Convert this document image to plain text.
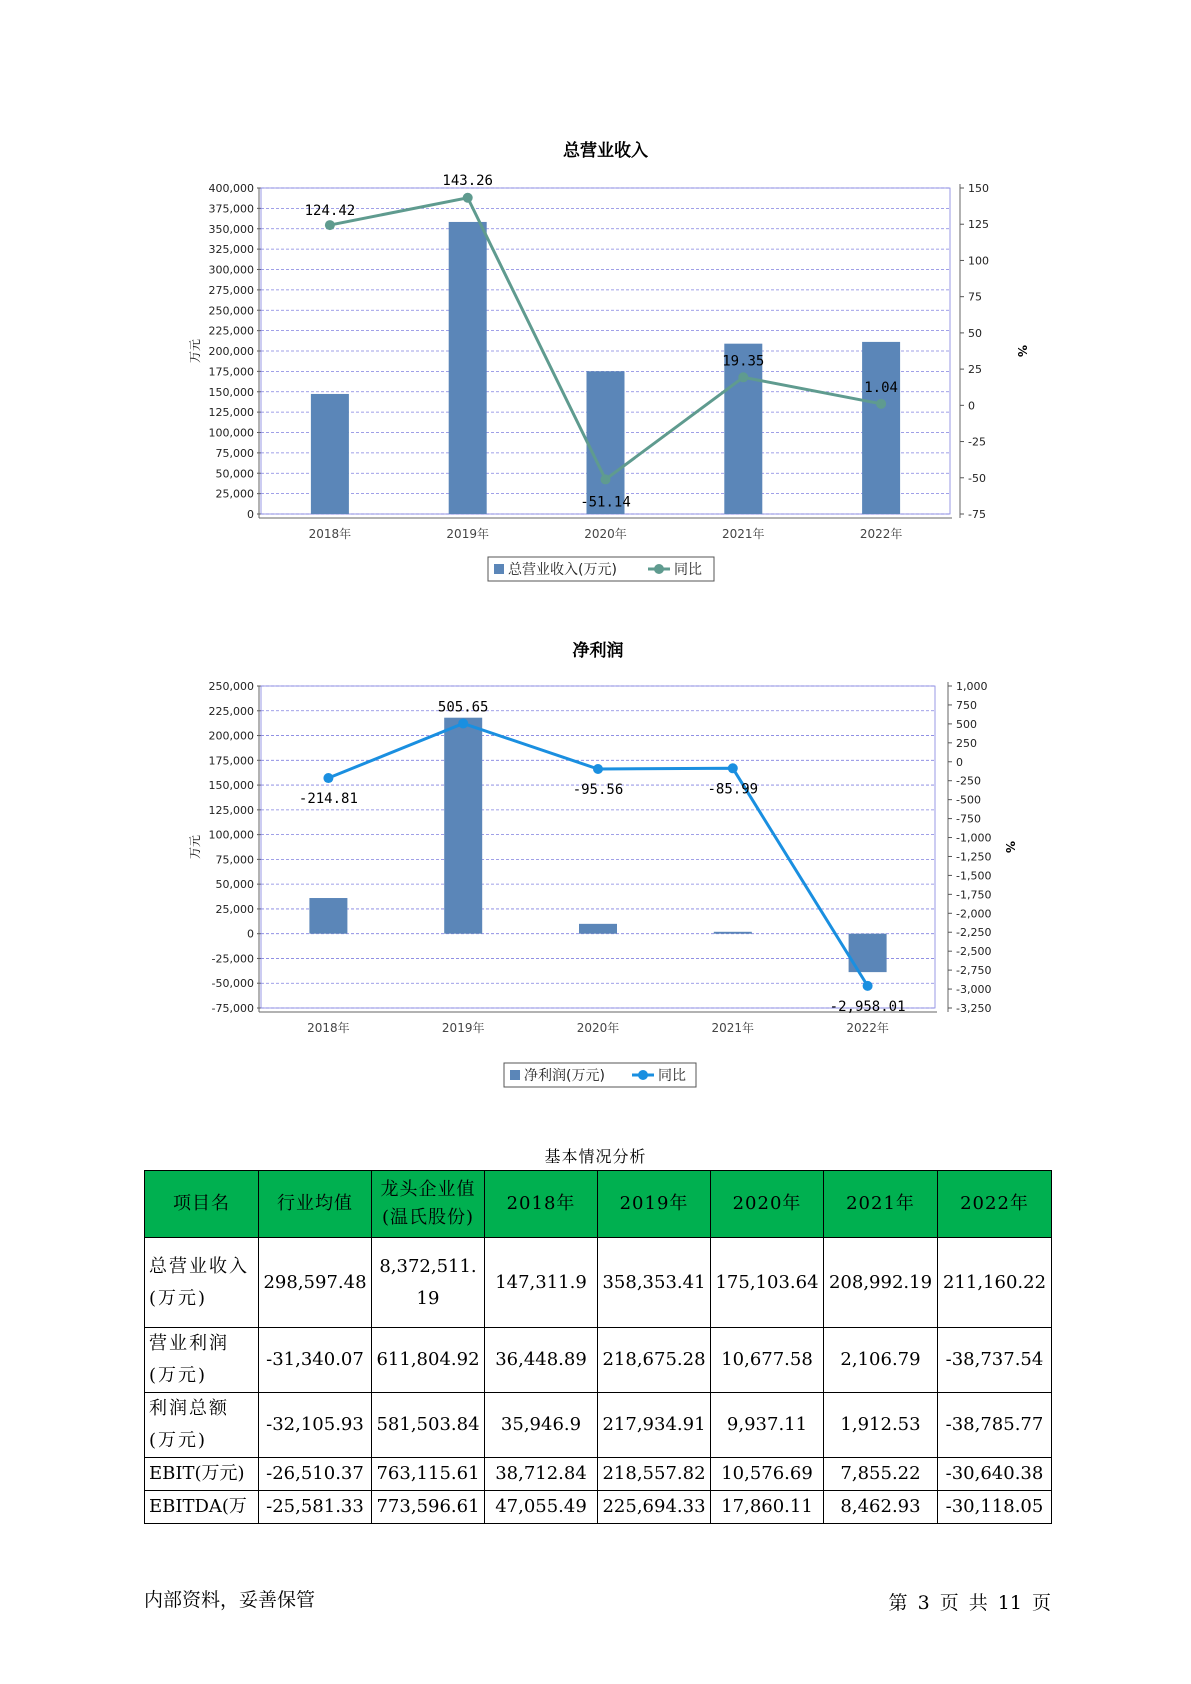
总营业收入
0
25,000
50,000
75,000
100,000
125,000
150,000
175,000
200,000
225,000
250,000
275,000
300,000
325,000
350,000
375,000
400,000
-75
-50
-25
0
25
50
75
100
125
150
万元	%
2018年	2019年	2020年	2021年	2022年
124.42
143.26
-51.14
19.35
1.04
总营业收入(万元)	同比
净利润
-75,000
-50,000
-25,000
0
25,000
50,000
75,000
100,000
125,000
150,000
175,000
200,000
225,000
250,000
-3,250
-3,000
-2,750
-2,500
-2,250
-2,000
-1,750
-1,500
-1,250
-1,000
-750
-500
-250
0
250
500
750
1,000
万元	%
2018年	2019年	2020年	2021年	2022年
-214.81
505.65
-95.56	-85.99
-2,958.01
净利润(万元)	同比
基本情况分析
项目名	行业均值	龙头企业值(温氏股份)	2018年	2019年	2020年	2021年	2022年
总营业收入(万元)	298,597.48	8,372,511.19	147,311.9	358,353.41	175,103.64	208,992.19	211,160.22
营业利润(万元)	-31,340.07	611,804.92	36,448.89	218,675.28	10,677.58	2,106.79	-38,737.54
利润总额(万元)	-32,105.93	581,503.84	35,946.9	217,934.91	9,937.11	1,912.53	-38,785.77
EBIT(万元)	-26,510.37	763,115.61	38,712.84	218,557.82	10,576.69	7,855.22	-30,640.38
EBITDA(万	-25,581.33	773,596.61	47,055.49	225,694.33	17,860.11	8,462.93	-30,118.05
内部资料，妥善保管	第 3 页 共 11 页
